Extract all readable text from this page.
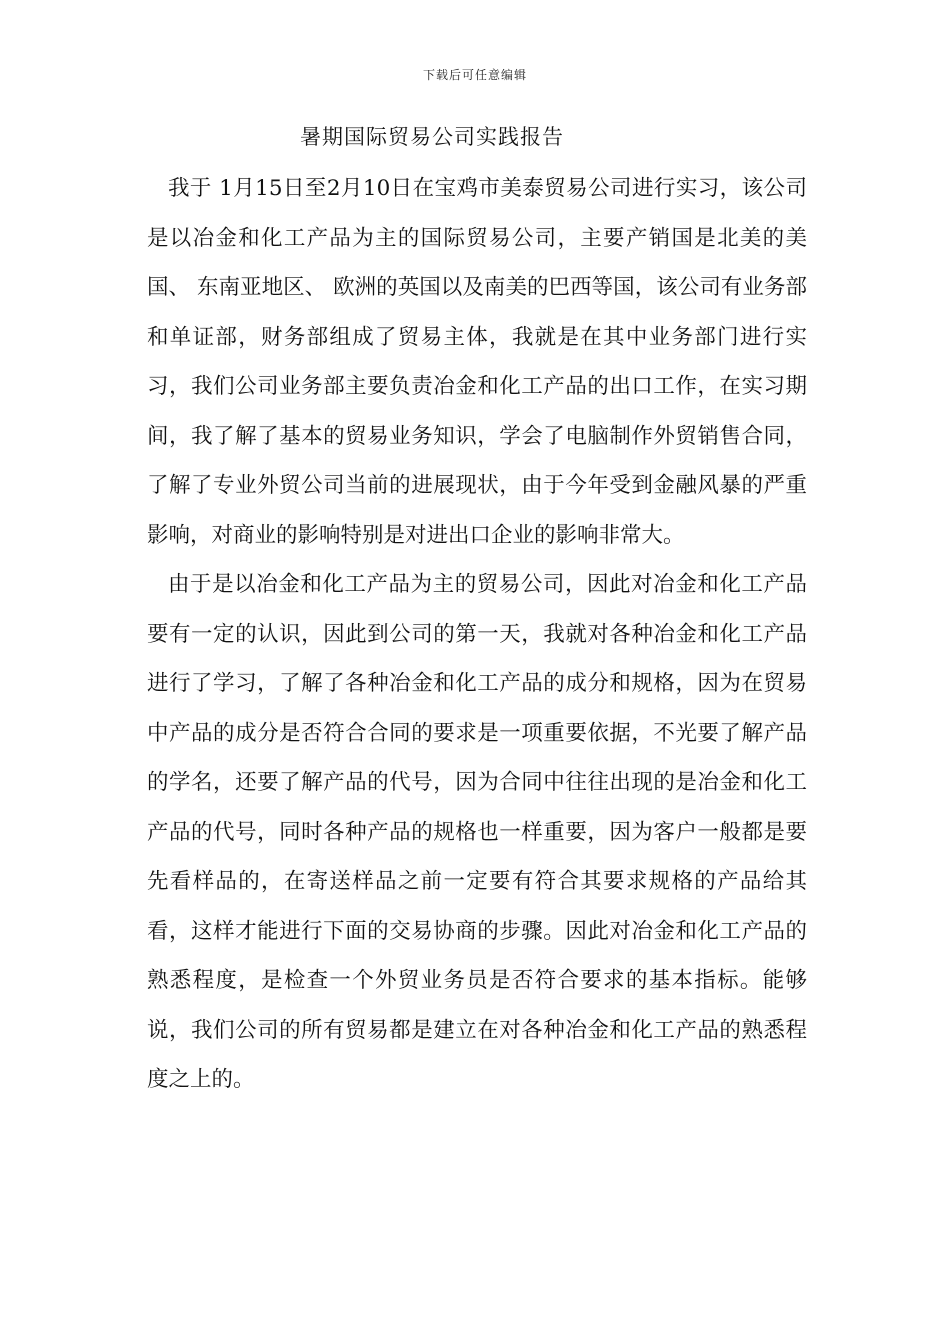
下载后可任意编辑
暑期国际贸易公司实践报告

我于 1月15日至2月10日在宝鸡市美泰贸易公司进行实习，该公司是以冶金和化工产品为主的国际贸易公司，主要产销国是北美的美国、 东南亚地区、 欧洲的英国以及南美的巴西等国，该公司有业务部和单证部，财务部组成了贸易主体，我就是在其中业务部门进行实习，我们公司业务部主要负责冶金和化工产品的出口工作，在实习期间，我了解了基本的贸易业务知识，学会了电脑制作外贸销售合同，了解了专业外贸公司当前的进展现状，由于今年受到金融风暴的严重影响，对商业的影响特别是对进出口企业的影响非常大。

由于是以冶金和化工产品为主的贸易公司，因此对冶金和化工产品要有一定的认识，因此到公司的第一天，我就对各种冶金和化工产品进行了学习，了解了各种冶金和化工产品的成分和规格，因为在贸易中产品的成分是否符合合同的要求是一项重要依据，不光要了解产品的学名，还要了解产品的代号，因为合同中往往出现的是冶金和化工产品的代号，同时各种产品的规格也一样重要，因为客户一般都是要先看样品的，在寄送样品之前一定要有符合其要求规格的产品给其看，这样才能进行下面的交易协商的步骤。因此对冶金和化工产品的熟悉程度，是检查一个外贸业务员是否符合要求的基本指标。能够说，我们公司的所有贸易都是建立在对各种冶金和化工产品的熟悉程度之上的。
